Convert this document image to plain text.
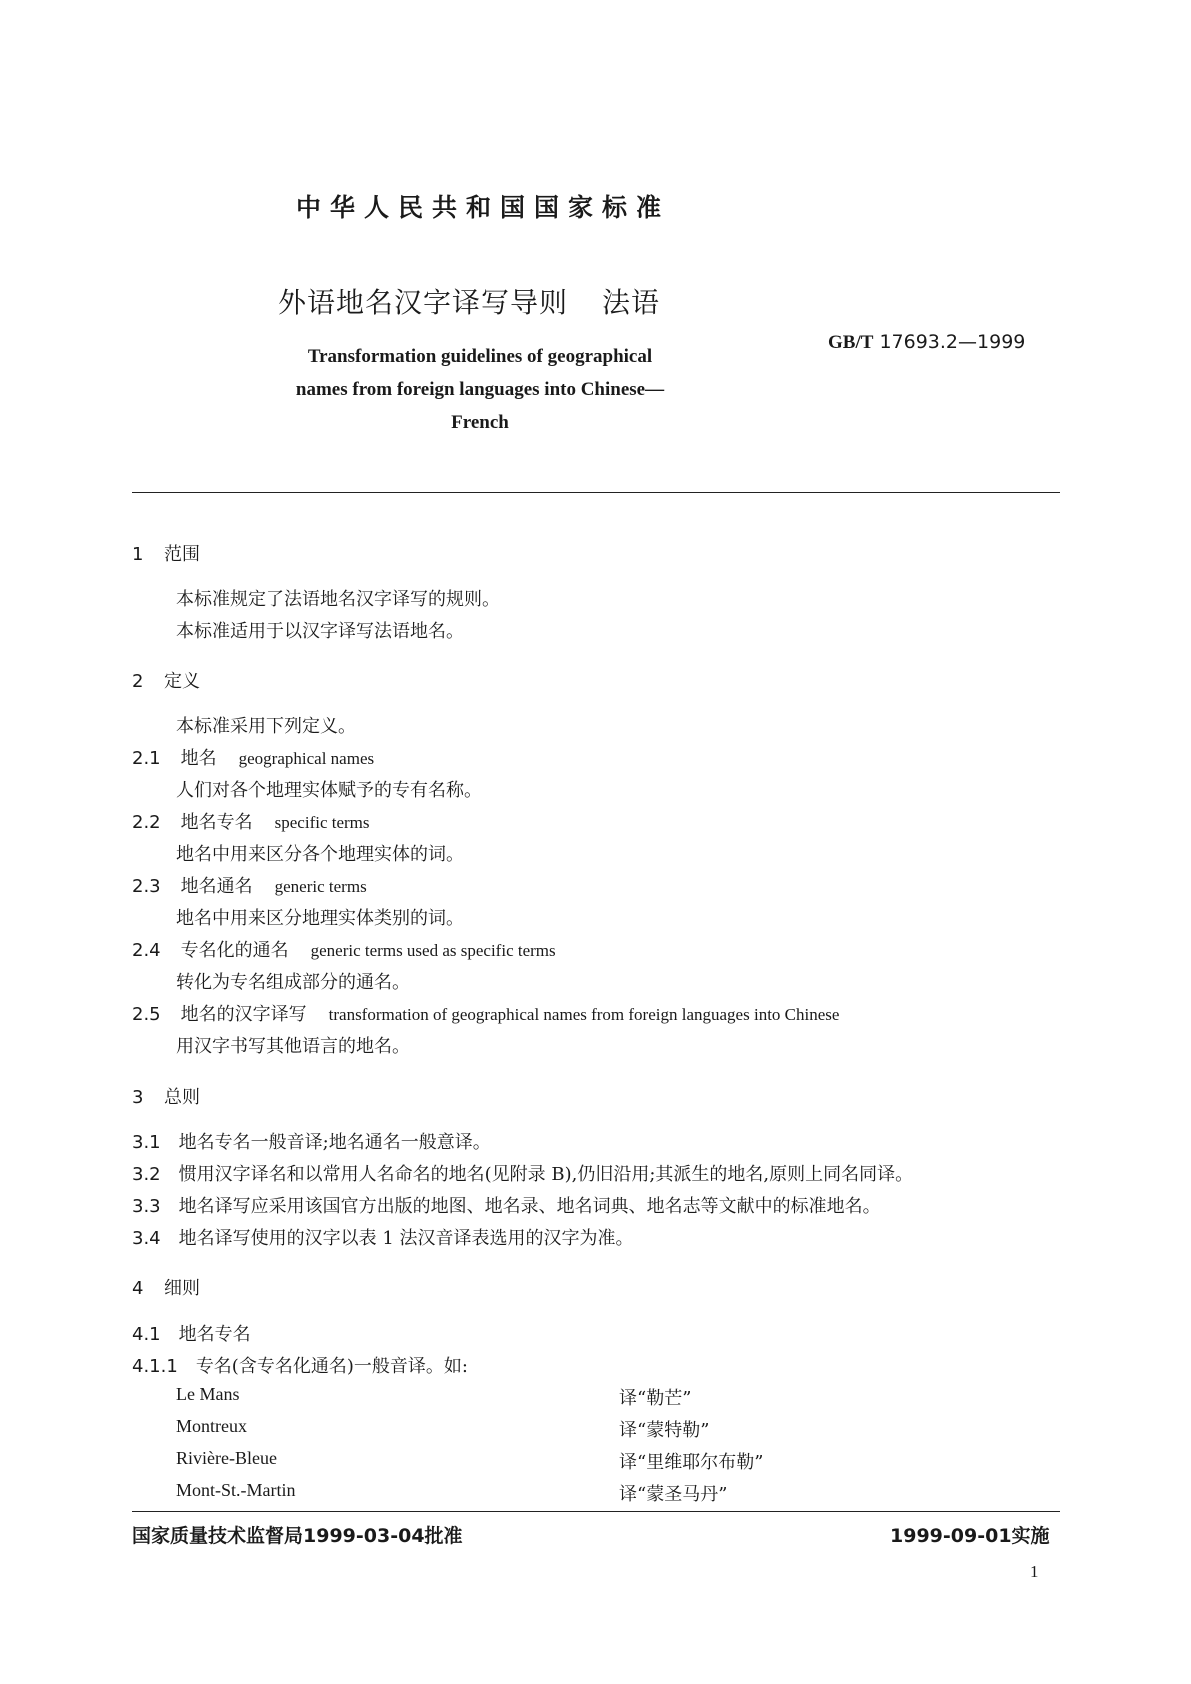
中华人民共和国国家标准
外语地名汉字译写导则 法语
Transformation guidelines of geographical
names from foreign languages into Chinese—
French
GB/T 17693.2—1999
1 范围
本标准规定了法语地名汉字译写的规则。
本标准适用于以汉字译写法语地名。
2 定义
本标准采用下列定义。
2.1 地名 geographical names
人们对各个地理实体赋予的专有名称。
2.2 地名专名 specific terms
地名中用来区分各个地理实体的词。
2.3 地名通名 generic terms
地名中用来区分地理实体类别的词。
2.4 专名化的通名 generic terms used as specific terms
转化为专名组成部分的通名。
2.5 地名的汉字译写 transformation of geographical names from foreign languages into Chinese
用汉字书写其他语言的地名。
3 总则
3.1 地名专名一般音译;地名通名一般意译。
3.2 惯用汉字译名和以常用人名命名的地名(见附录 B),仍旧沿用;其派生的地名,原则上同名同译。
3.3 地名译写应采用该国官方出版的地图、地名录、地名词典、地名志等文献中的标准地名。
3.4 地名译写使用的汉字以表 1 法汉音译表选用的汉字为准。
4 细则
4.1 地名专名
4.1.1 专名(含专名化通名)一般音译。如:
Le Mans	译“勒芒”
Montreux	译“蒙特勒”
Rivière-Bleue	译“里维耶尔布勒”
Mont-St.-Martin	译“蒙圣马丹”
国家质量技术监督局1999-03-04批准	1999-09-01实施
1
